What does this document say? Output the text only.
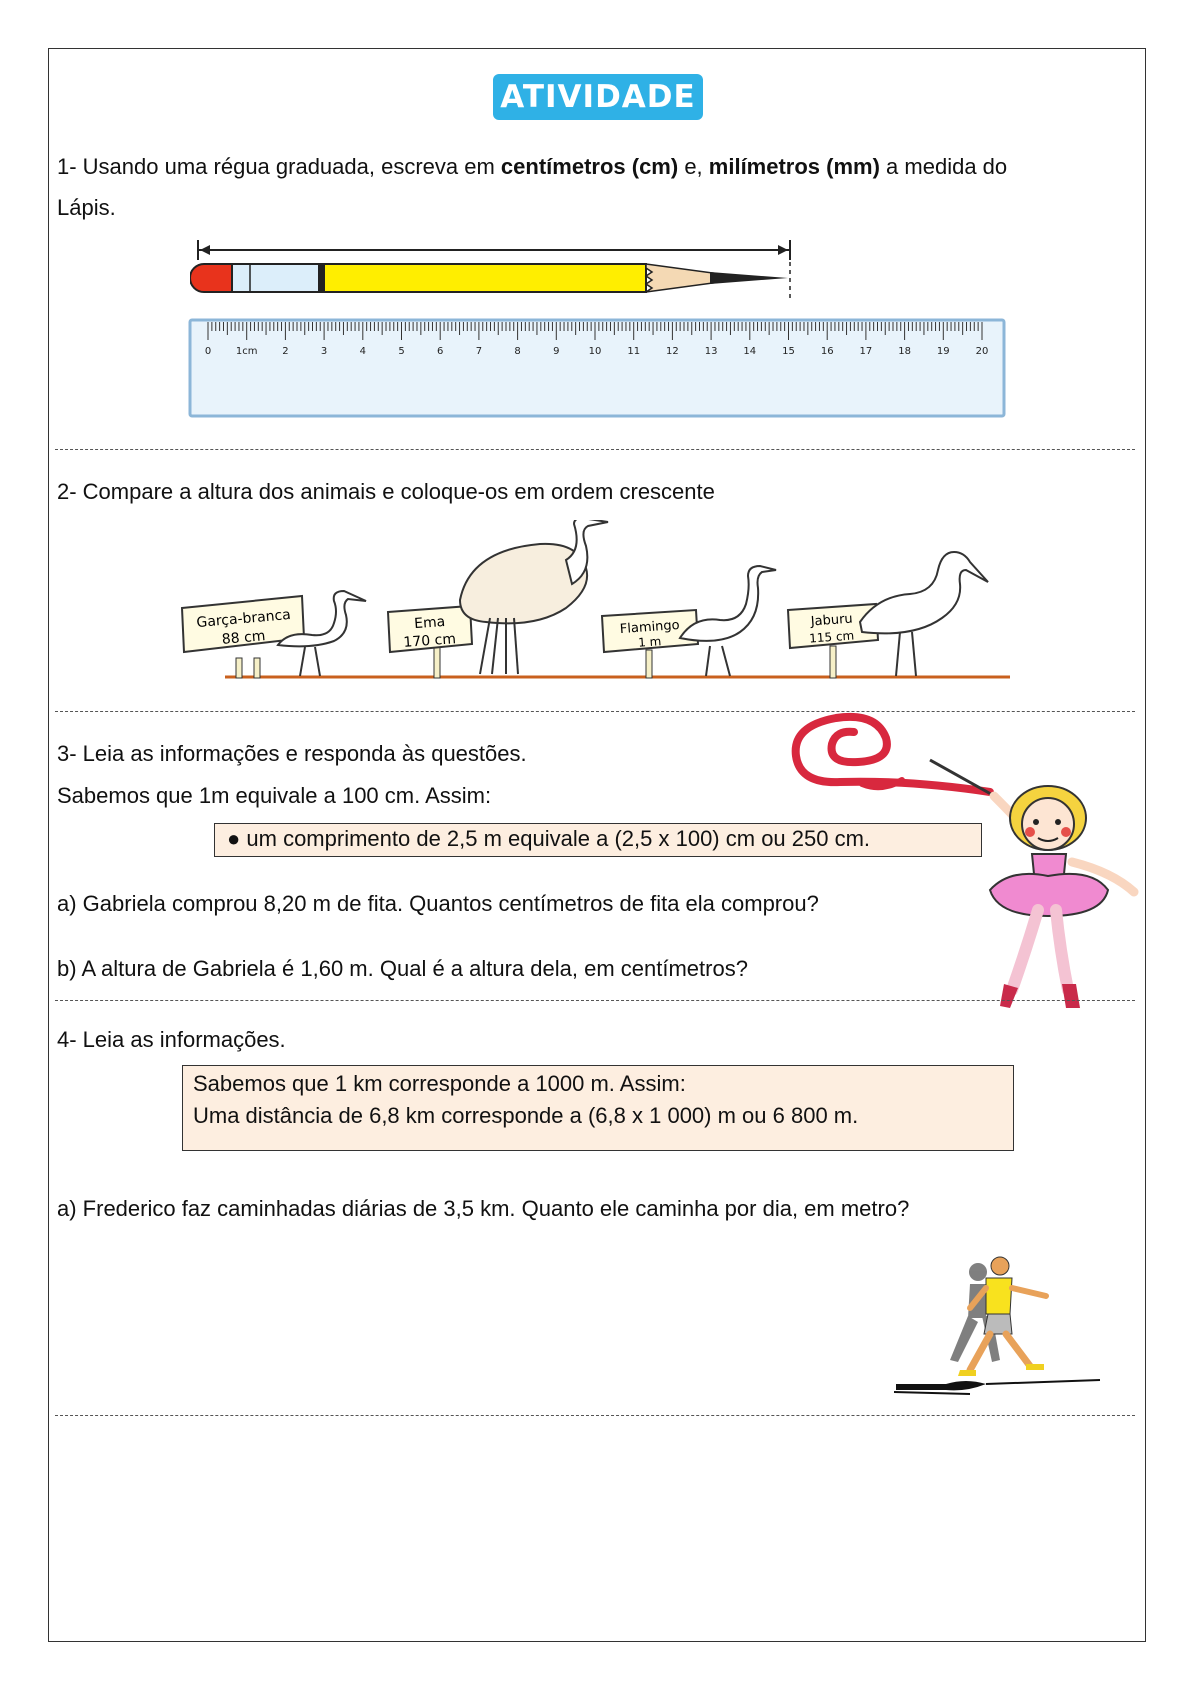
ATIVIDADE
1- Usando uma régua graduada, escreva em centímetros (cm) e, milímetros (mm) a medida do
Lápis.
0 1cm 2	3	4	5	6	7	8	9	10	11	12	13	14	15	16	17	18	19	20
2- Compare a altura dos animais e coloque-os em ordem crescente
Garça-branca
88 cm
Ema
170 cm
Flamingo
1 m
Jaburu
115 cm
3- Leia as informações e responda às questões.
Sabemos que 1m equivale a 100 cm. Assim:
● um comprimento de 2,5 m equivale a (2,5 x 100) cm ou 250 cm.
a) Gabriela comprou 8,20 m de fita. Quantos centímetros de fita ela comprou?
b) A altura de Gabriela é 1,60 m. Qual é a altura dela, em centímetros?
4- Leia as informações.
Sabemos que 1 km corresponde a 1000 m. Assim:
Uma distância de 6,8 km corresponde a (6,8 x 1 000) m ou 6 800 m.
a) Frederico faz caminhadas diárias de 3,5 km. Quanto ele caminha por dia, em metro?
